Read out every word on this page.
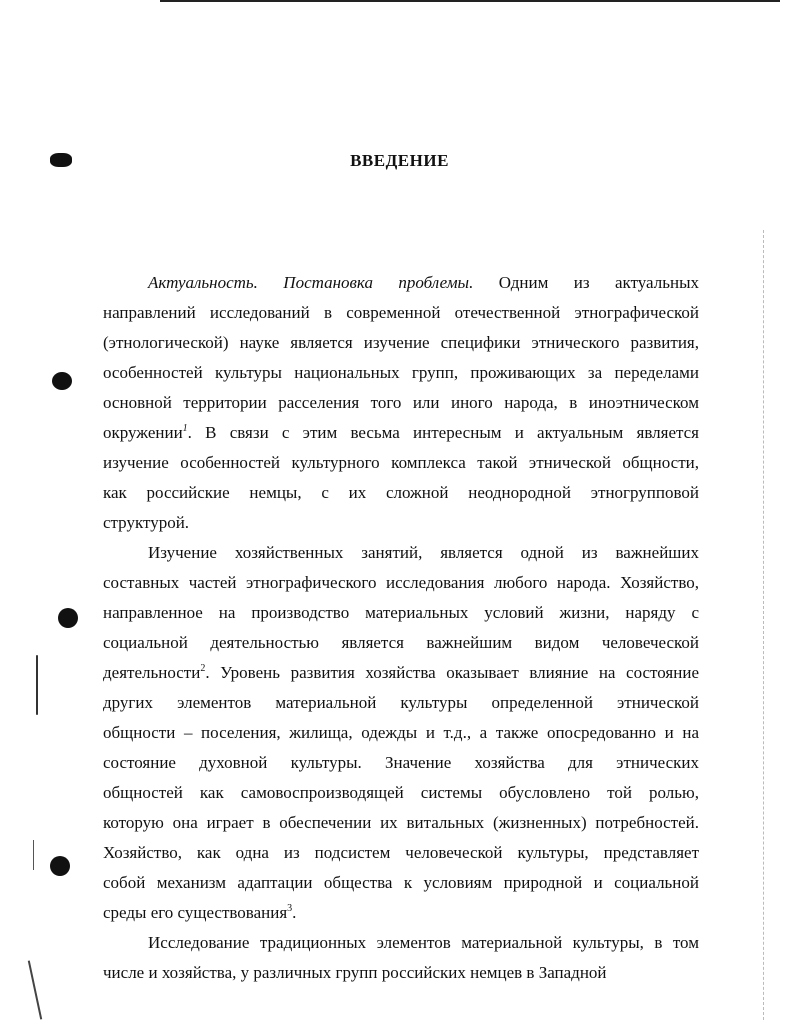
ВВЕДЕНИЕ
Актуальность. Постановка проблемы. Одним из актуальных
направлений исследований в современной отечественной этнографической
(этнологической) науке является изучение специфики этнического развития,
особенностей культуры национальных групп, проживающих за переделами
основной территории расселения того или иного народа, в иноэтническом
окружении$^1$. В связи с этим весьма интересным и актуальным является
изучение особенностей культурного комплекса такой этнической общности,
как российские немцы, с их сложной неоднородной этногрупповой
структурой.
Изучение хозяйственных занятий, является одной из важнейших
составных частей этнографического исследования любого народа. Хозяйство,
направленное на производство материальных условий жизни, наряду с
социальной деятельностью является важнейшим видом человеческой
деятельности$^2$. Уровень развития хозяйства оказывает влияние на состояние
других элементов материальной культуры определенной этнической
общности – поселения, жилища, одежды и т.д., а также опосредованно и на
состояние духовной культуры. Значение хозяйства для этнических
общностей как самовоспроизводящей системы обусловлено той ролью,
которую она играет в обеспечении их витальных (жизненных) потребностей.
Хозяйство, как одна из подсистем человеческой культуры, представляет
собой механизм адаптации общества к условиям природной и социальной
среды его существования$^3$.
Исследование традиционных элементов материальной культуры, в том
числе и хозяйства, у различных групп российских немцев в Западной
